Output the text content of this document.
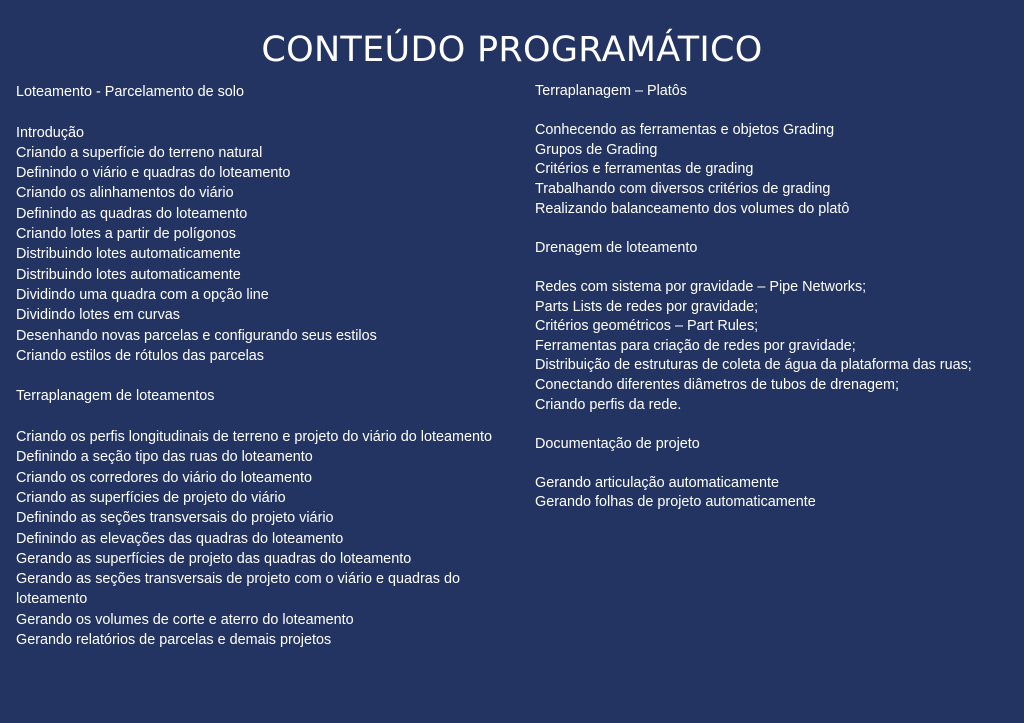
CONTEÚDO PROGRAMÁTICO
Loteamento - Parcelamento de solo
Introdução
Criando a superfície do terreno natural
Definindo o viário e quadras do loteamento
Criando os alinhamentos do viário
Definindo as quadras do loteamento
Criando lotes a partir de polígonos
Distribuindo lotes automaticamente
Distribuindo lotes automaticamente
Dividindo uma quadra com a opção line
Dividindo lotes em curvas
Desenhando novas parcelas e configurando seus estilos
Criando estilos de rótulos das parcelas
Terraplanagem de loteamentos
Criando os perfis longitudinais de terreno e projeto do viário do loteamento
Definindo a seção tipo das ruas do loteamento
Criando os corredores do viário do loteamento
Criando as superfícies de projeto do viário
Definindo as seções transversais do projeto viário
Definindo as elevações das quadras do loteamento
Gerando as superfícies de projeto das quadras do loteamento
Gerando as seções transversais de projeto com o viário e quadras do loteamento
Gerando os volumes de corte e aterro do loteamento
Gerando relatórios de parcelas e demais projetos
Terraplanagem – Platôs
Conhecendo as ferramentas e objetos Grading
Grupos de Grading
Critérios e ferramentas de grading
Trabalhando com diversos critérios de grading
Realizando balanceamento dos volumes do platô
Drenagem de loteamento
Redes com sistema por gravidade – Pipe Networks;
Parts Lists de redes por gravidade;
Critérios geométricos – Part Rules;
Ferramentas para criação de redes por gravidade;
Distribuição de estruturas de coleta de água da plataforma das ruas;
Conectando diferentes diâmetros de tubos de drenagem;
Criando perfis da rede.
Documentação de projeto
Gerando articulação automaticamente
Gerando folhas de projeto automaticamente
